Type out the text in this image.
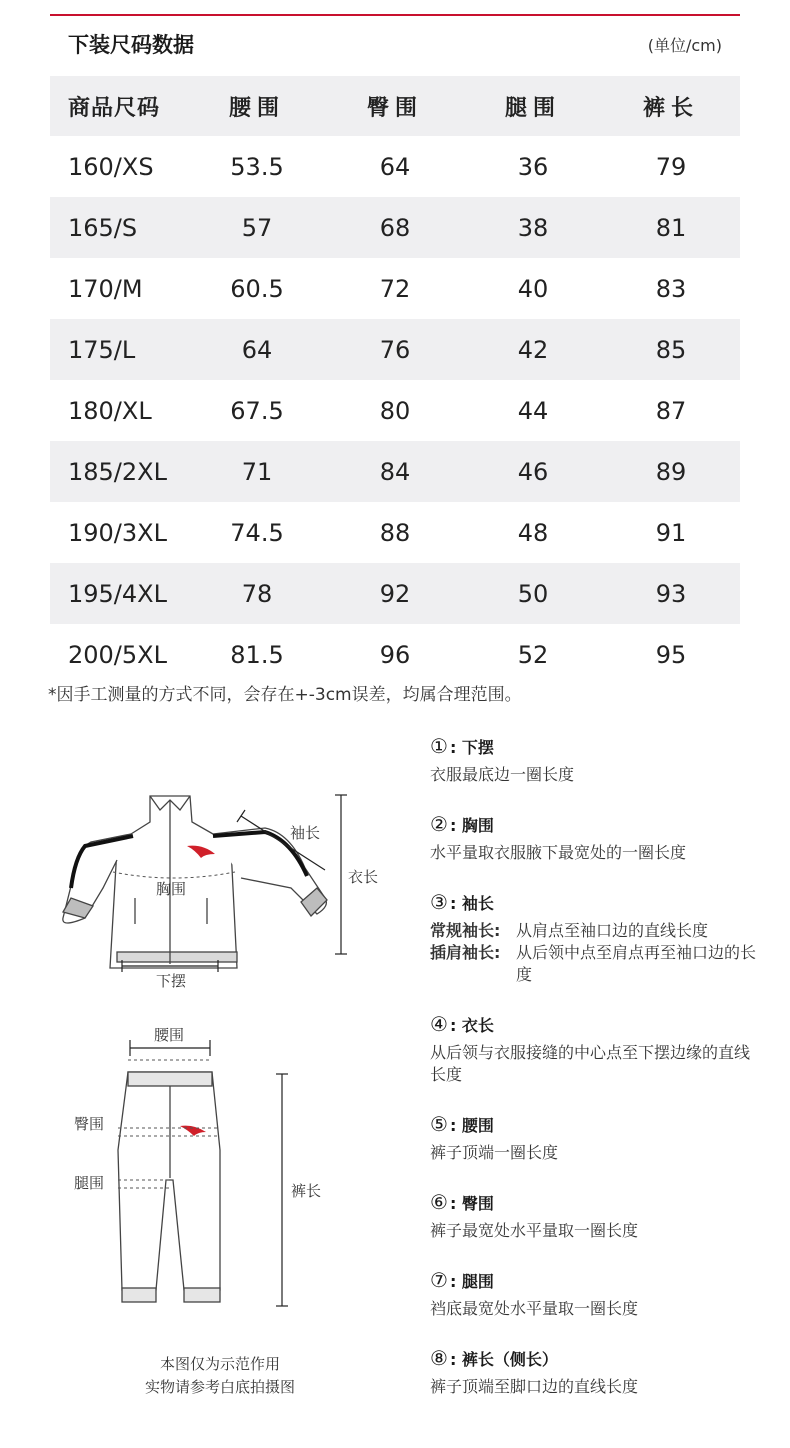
下装尺码数据	(单位/cm)
商品尺码	腰围	臀围	腿围	裤长
160/XS	53.5	64	36	79
165/S	57	68	38	81
170/M	60.5	72	40	83
175/L	64	76	42	85
180/XL	67.5	80	44	87
185/2XL	71	84	46	89
190/3XL	74.5	88	48	91
195/4XL	78	92	50	93
200/5XL	81.5	96	52	95
*因手工测量的方式不同，会存在+-3cm误差，均属合理范围。
袖长
衣长
胸围
下摆
腰围
臀围
腿围	裤长
本图仅为示范作用
实物请参考白底拍摄图
① : 下摆
衣服最底边一圈长度
② : 胸围
水平量取衣服腋下最宽处的一圈长度
③ : 袖长
常规袖长: 从肩点至袖口边的直线长度
插肩袖长: 从后领中点至肩点再至袖口边的长度
④ : 衣长
从后领与衣服接缝的中心点至下摆边缘的直线长度
⑤ : 腰围
裤子顶端一圈长度
⑥ : 臀围
裤子最宽处水平量取一圈长度
⑦ : 腿围
裆底最宽处水平量取一圈长度
⑧ : 裤长（侧长）
裤子顶端至脚口边的直线长度
